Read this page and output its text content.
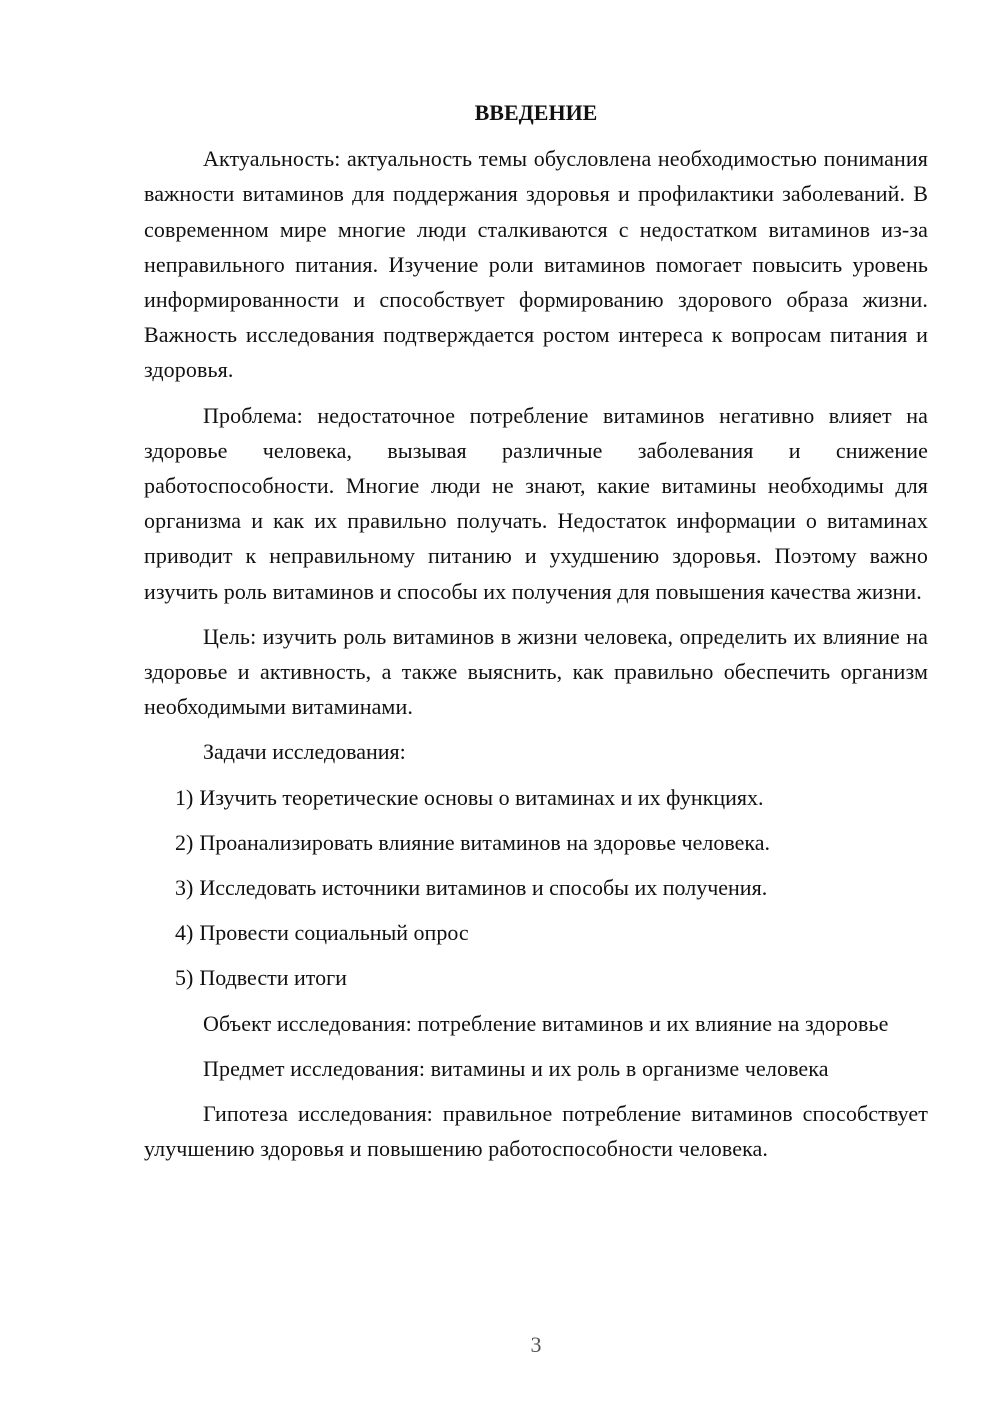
ВВЕДЕНИЕ

Актуальность: актуальность темы обусловлена необходимостью понимания важности витаминов для поддержания здоровья и профилактики заболеваний. В современном мире многие люди сталкиваются с недостатком витаминов из-за неправильного питания. Изучение роли витаминов помогает повысить уровень информированности и способствует формированию здорового образа жизни. Важность исследования подтверждается ростом интереса к вопросам питания и здоровья.

Проблема: недостаточное потребление витаминов негативно влияет на здоровье человека, вызывая различные заболевания и снижение работоспособности. Многие люди не знают, какие витамины необходимы для организма и как их правильно получать. Недостаток информации о витаминах приводит к неправильному питанию и ухудшению здоровья. Поэтому важно изучить роль витаминов и способы их получения для повышения качества жизни.

Цель: изучить роль витаминов в жизни человека, определить их влияние на здоровье и активность, а также выяснить, как правильно обеспечить организм необходимыми витаминами.

Задачи исследования:

1) Изучить теоретические основы о витаминах и их функциях.
2) Проанализировать влияние витаминов на здоровье человека.
3) Исследовать источники витаминов и способы их получения.
4) Провести социальный опрос
5) Подвести итоги

Объект исследования: потребление витаминов и их влияние на здоровье

Предмет исследования: витамины и их роль в организме человека

Гипотеза исследования: правильное потребление витаминов способствует улучшению здоровья и повышению работоспособности человека.

3
